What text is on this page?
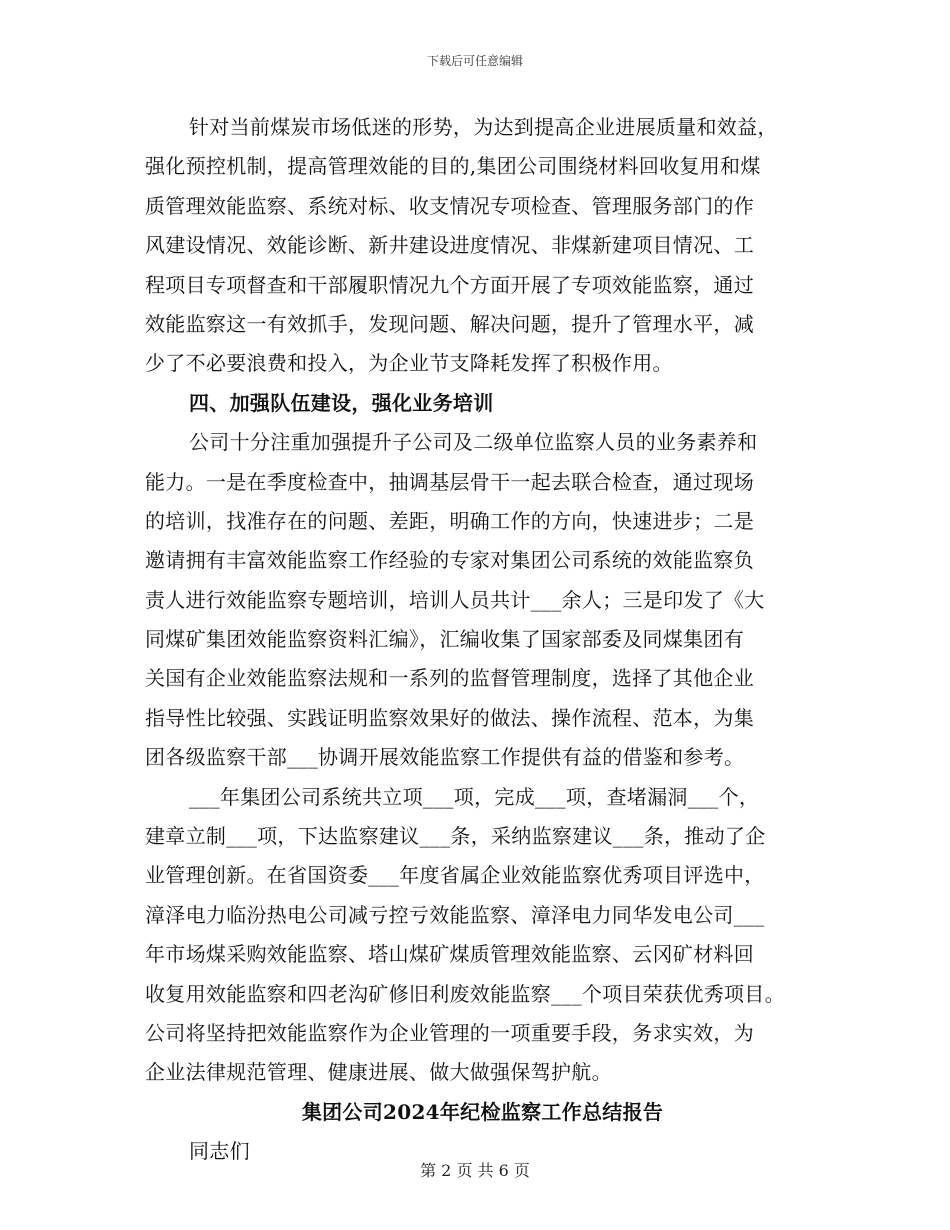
下载后可任意编辑
针对当前煤炭市场低迷的形势，为达到提高企业进展质量和效益，
强化预控机制，提高管理效能的目的,集团公司围绕材料回收复用和煤
质管理效能监察、系统对标、收支情况专项检查、管理服务部门的作
风建设情况、效能诊断、新井建设进度情况、非煤新建项目情况、工
程项目专项督查和干部履职情况九个方面开展了专项效能监察，通过
效能监察这一有效抓手，发现问题、解决问题，提升了管理水平，减
少了不必要浪费和投入，为企业节支降耗发挥了积极作用。
四、加强队伍建设，强化业务培训
公司十分注重加强提升子公司及二级单位监察人员的业务素养和
能力。一是在季度检查中，抽调基层骨干一起去联合检查，通过现场
的培训，找准存在的问题、差距，明确工作的方向，快速进步；二是
邀请拥有丰富效能监察工作经验的专家对集团公司系统的效能监察负
责人进行效能监察专题培训，培训人员共计___余人；三是印发了《大
同煤矿集团效能监察资料汇编》，汇编收集了国家部委及同煤集团有
关国有企业效能监察法规和一系列的监督管理制度，选择了其他企业
指导性比较强、实践证明监察效果好的做法、操作流程、范本，为集
团各级监察干部___协调开展效能监察工作提供有益的借鉴和参考。
___年集团公司系统共立项___项，完成___项，查堵漏洞___个，
建章立制___项，下达监察建议___条，采纳监察建议___条，推动了企
业管理创新。在省国资委___年度省属企业效能监察优秀项目评选中，
漳泽电力临汾热电公司减亏控亏效能监察、漳泽电力同华发电公司___
年市场煤采购效能监察、塔山煤矿煤质管理效能监察、云冈矿材料回
收复用效能监察和四老沟矿修旧利废效能监察___个项目荣获优秀项目。
公司将坚持把效能监察作为企业管理的一项重要手段，务求实效，为
企业法律规范管理、健康进展、做大做强保驾护航。
集团公司2024年纪检监察工作总结报告
同志们
第 2 页 共 6 页
